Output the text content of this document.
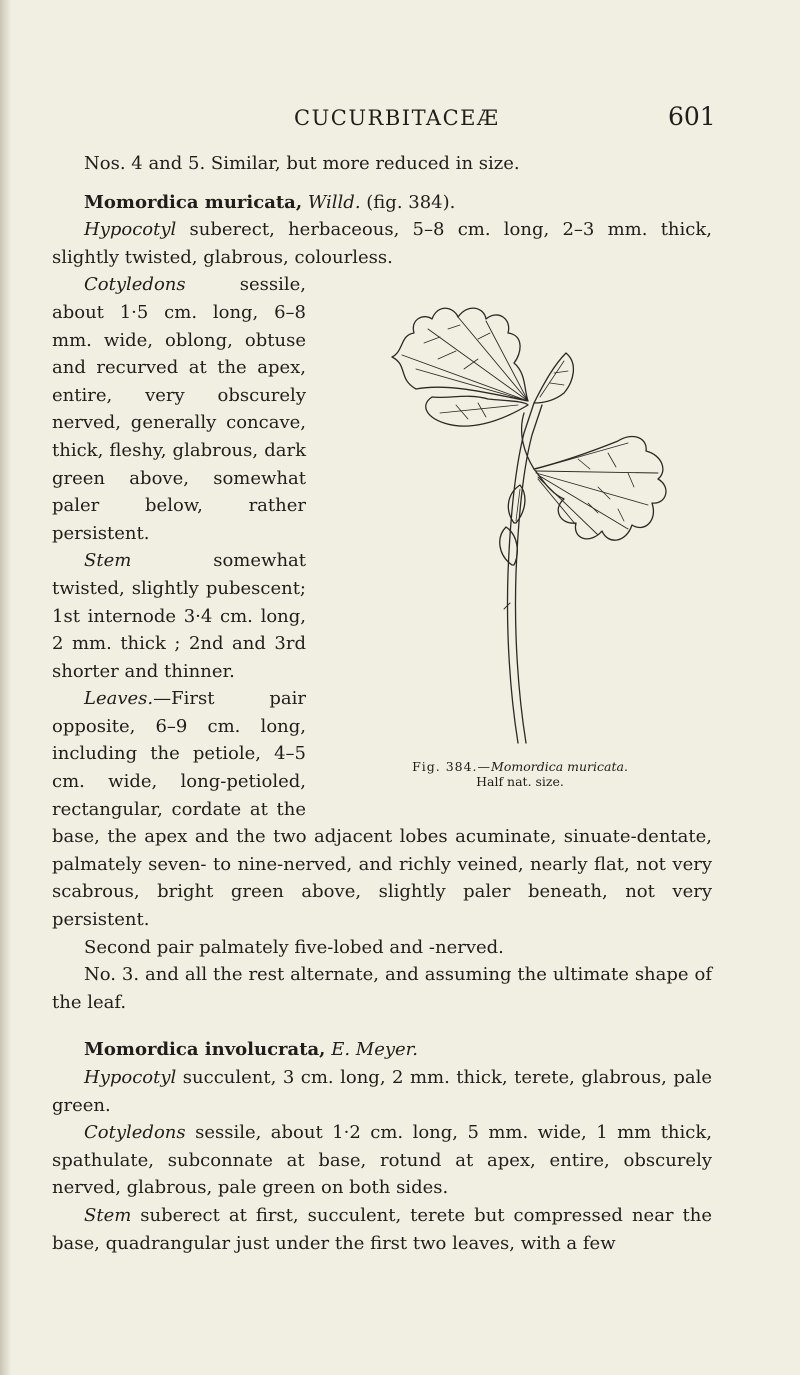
CUCURBITACEÆ	601

Nos. 4 and 5. Similar, but more reduced in size.

Momordica muricata, Willd. (fig. 384).

Hypocotyl suberect, herbaceous, 5–8 cm. long, 2–3 mm. thick, slightly twisted, glabrous, colourless.

Fig. 384.—Momordica muricata.
Half nat. size.

Cotyledons sessile, about 1·5 cm. long, 6–8 mm. wide, oblong, obtuse and recurved at the apex, entire, very obscurely nerved, generally concave, thick, fleshy, glabrous, dark green above, somewhat paler below, rather persistent.

Stem somewhat twisted, slightly pubescent; 1st internode 3·4 cm. long, 2 mm. thick ; 2nd and 3rd shorter and thinner.

Leaves.—First pair opposite, 6–9 cm. long, including the petiole, 4–5 cm. wide, long-petioled, rectangular, cordate at the base, the apex and the two adjacent lobes acuminate, sinuate-dentate, palmately seven- to nine-nerved, and richly veined, nearly flat, not very scabrous, bright green above, slightly paler beneath, not very persistent.

Second pair palmately five-lobed and -nerved.

No. 3. and all the rest alternate, and assuming the ultimate shape of the leaf.

Momordica involucrata, E. Meyer.

Hypocotyl succulent, 3 cm. long, 2 mm. thick, terete, glabrous, pale green.

Cotyledons sessile, about 1·2 cm. long, 5 mm. wide, 1 mm thick, spathulate, subconnate at base, rotund at apex, entire, obscurely nerved, glabrous, pale green on both sides.

Stem suberect at first, succulent, terete but compressed near the base, quadrangular just under the first two leaves, with a few
